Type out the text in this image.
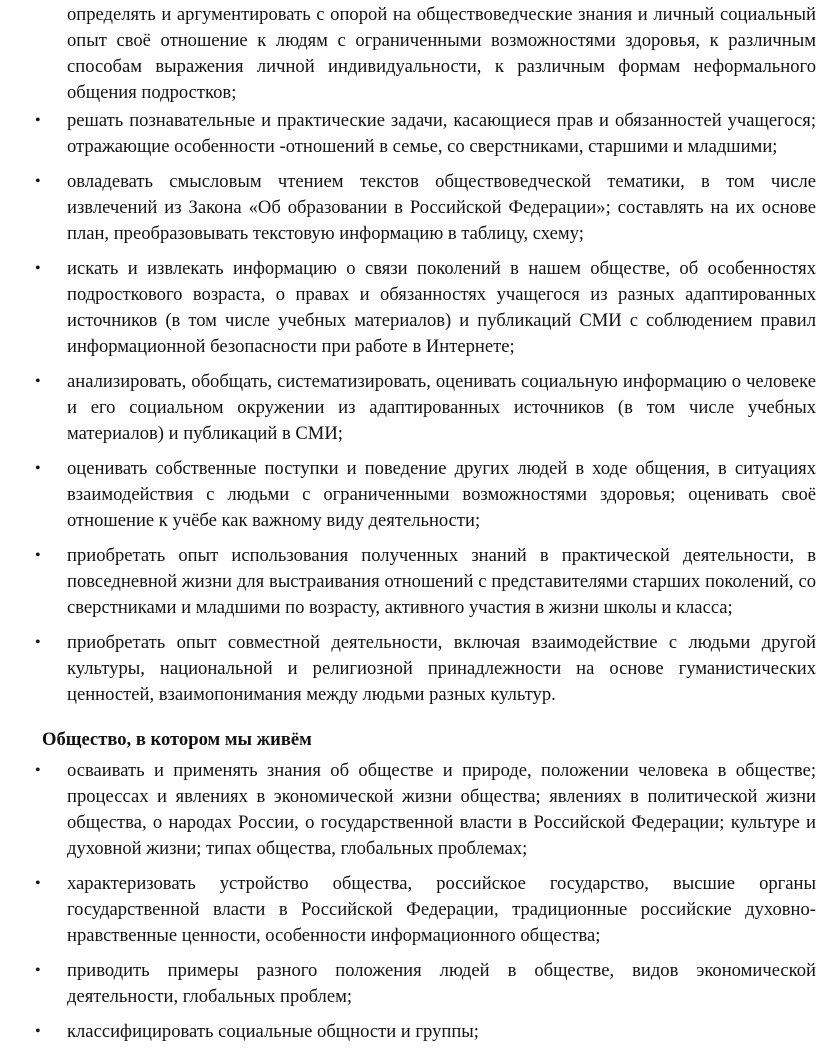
определять и аргументировать с опорой на обществоведческие знания и личный социальный опыт своё отношение к людям с ограниченными возможностями здоровья, к различным способам выражения личной индивидуальности, к различным формам неформального общения подростков;

• решать познавательные и практические задачи, касающиеся прав и обязанностей учащегося; отражающие особенности -отношений в семье, со сверстниками, старшими и младшими;
• овладевать смысловым чтением текстов обществоведческой тематики, в том числе извлечений из Закона «Об образовании в Российской Федерации»; составлять на их основе план, преобразовывать текстовую информацию в таблицу, схему;
• искать и извлекать информацию о связи поколений в нашем обществе, об особенностях подросткового возраста, о правах и обязанностях учащегося из разных адаптированных источников (в том числе учебных материалов) и публикаций СМИ с соблюдением правил информационной безопасности при работе в Интернете;
• анализировать, обобщать, систематизировать, оценивать социальную информацию о человеке и его социальном окружении из адаптированных источников (в том числе учебных материалов) и публикаций в СМИ;
• оценивать собственные поступки и поведение других людей в ходе общения, в ситуациях взаимодействия с людьми с ограниченными возможностями здоровья; оценивать своё отношение к учёбе как важному виду деятельности;
• приобретать опыт использования полученных знаний в практической деятельности, в повседневной жизни для выстраивания отношений с представителями старших поколений, со сверстниками и младшими по возрасту, активного участия в жизни школы и класса;
• приобретать опыт совместной деятельности, включая взаимодействие с людьми другой культуры, национальной и религиозной принадлежности на основе гуманистических ценностей, взаимопонимания между людьми разных культур.
Общество, в котором мы живём
• осваивать и применять знания об обществе и природе, положении человека в обществе; процессах и явлениях в экономической жизни общества; явлениях в политической жизни общества, о народах России, о государственной власти в Российской Федерации; культуре и духовной жизни; типах общества, глобальных проблемах;
• характеризовать устройство общества, российское государство, высшие органы государственной власти в Российской Федерации, традиционные российские духовно-нравственные ценности, особенности информационного общества;
• приводить примеры разного положения людей в обществе, видов экономической деятельности, глобальных проблем;
• классифицировать социальные общности и группы;
